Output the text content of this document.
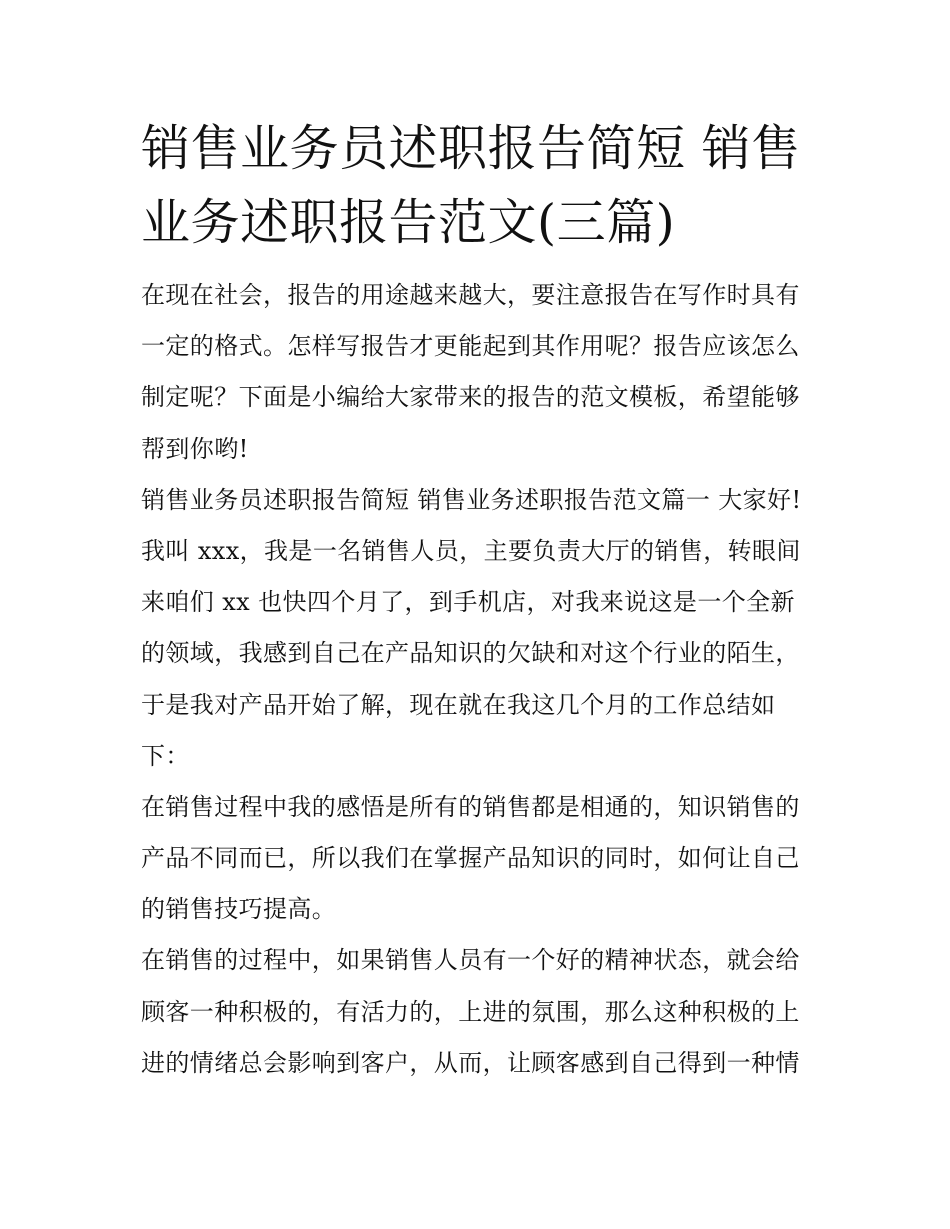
销售业务员述职报告简短 销售
业务述职报告范文(三篇)
在现在社会，报告的用途越来越大，要注意报告在写作时具有
一定的格式。怎样写报告才更能起到其作用呢？报告应该怎么
制定呢？下面是小编给大家带来的报告的范文模板，希望能够
帮到你哟!
销售业务员述职报告简短 销售业务述职报告范文篇一 大家好!
我叫 xxx，我是一名销售人员，主要负责大厅的销售，转眼间
来咱们 xx 也快四个月了，到手机店，对我来说这是一个全新
的领域，我感到自己在产品知识的欠缺和对这个行业的陌生，
于是我对产品开始了解，现在就在我这几个月的工作总结如
下：
在销售过程中我的感悟是所有的销售都是相通的，知识销售的
产品不同而已，所以我们在掌握产品知识的同时，如何让自己
的销售技巧提高。
在销售的过程中，如果销售人员有一个好的精神状态，就会给
顾客一种积极的，有活力的，上进的氛围，那么这种积极的上
进的情绪总会影响到客户，从而，让顾客感到自己得到一种情
